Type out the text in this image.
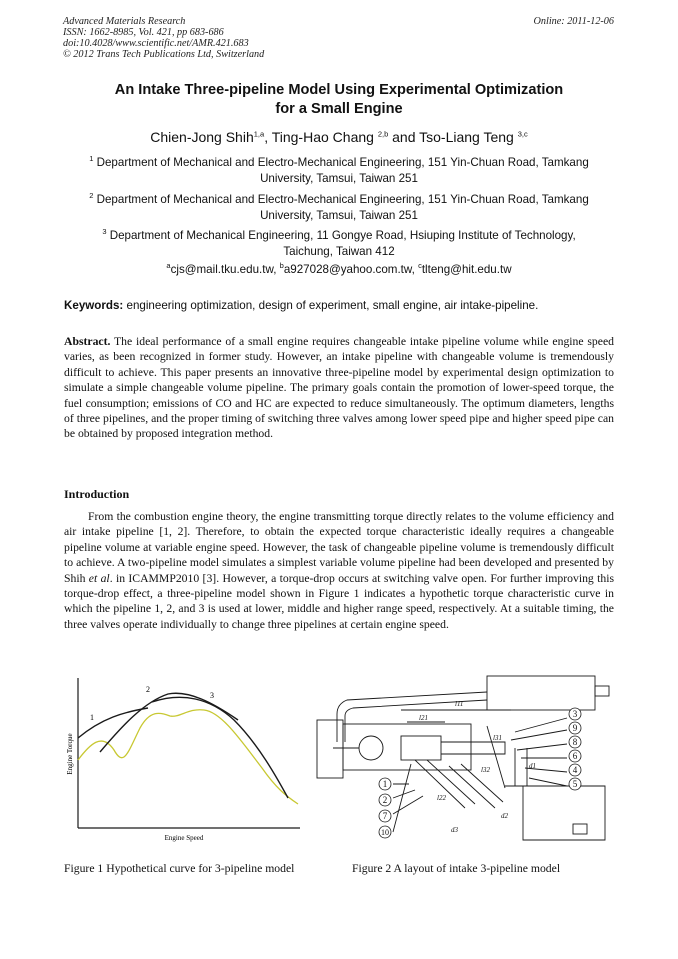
Advanced Materials Research
ISSN: 1662-8985, Vol. 421, pp 683-686
doi:10.4028/www.scientific.net/AMR.421.683
© 2012 Trans Tech Publications Ltd, Switzerland
Online: 2011-12-06
An Intake Three-pipeline Model Using Experimental Optimization
for a Small Engine
Chien-Jong Shih$^{1,a}$, Ting-Hao Chang $^{2,b}$ and Tso-Liang Teng $^{3,c}$
$^1$ Department of Mechanical and Electro-Mechanical Engineering, 151 Yin-Chuan Road, Tamkang
University, Tamsui, Taiwan 251
$^2$ Department of Mechanical and Electro-Mechanical Engineering, 151 Yin-Chuan Road, Tamkang
University, Tamsui, Taiwan 251
$^3$ Department of Mechanical Engineering, 11 Gongye Road, Hsiuping Institute of Technology,
Taichung, Taiwan 412
$^a$cjs@mail.tku.edu.tw, $^b$a927028@yahoo.com.tw, $^c$tlteng@hit.edu.tw
Keywords: engineering optimization, design of experiment, small engine, air intake-pipeline.

Abstract. The ideal performance of a small engine requires changeable intake pipeline volume while engine speed varies, as been recognized in former study. However, an intake pipeline with changeable volume is tremendously difficult to achieve. This paper presents an innovative three-pipeline model by experimental design optimization to simulate a simple changeable volume pipeline. The primary goals contain the promotion of lower-speed torque, the fuel consumption; emissions of CO and HC are expected to reduce simultaneously. The optimum diameters, lengths of three pipelines, and the proper timing of switching three valves among lower speed pipe and higher speed pipe can be obtained by proposed integration method.

Introduction

From the combustion engine theory, the engine transmitting torque directly relates to the volume efficiency and air intake pipeline [1, 2]. Therefore, to obtain the expected torque characteristic ideally requires a changeable pipeline volume at variable engine speed. However, the task of changeable pipeline volume is tremendously difficult to achieve. A two-pipeline model simulates a simplest variable volume pipeline had been developed and presented by Shih et al. in ICAMMP2010 [3]. However, a torque-drop occurs at switching valve open. For further improving this torque-drop effect, a three-pipeline model shown in Figure 1 indicates a hypothetic torque characteristic curve in which the pipeline 1, 2, and 3 is used at lower, middle and higher range speed, respectively. At a suitable timing, the three valves operate individually to change three pipelines at certain engine speed.

1
2
3
Engine Torque
Engine Speed
3
9
8
6
4
5
1
2
7
10
l11
l21
l31
l32
l22
d1
d2
d3
Figure 1 Hypothetical curve for 3-pipeline model	Figure 2 A layout of intake 3-pipeline model
